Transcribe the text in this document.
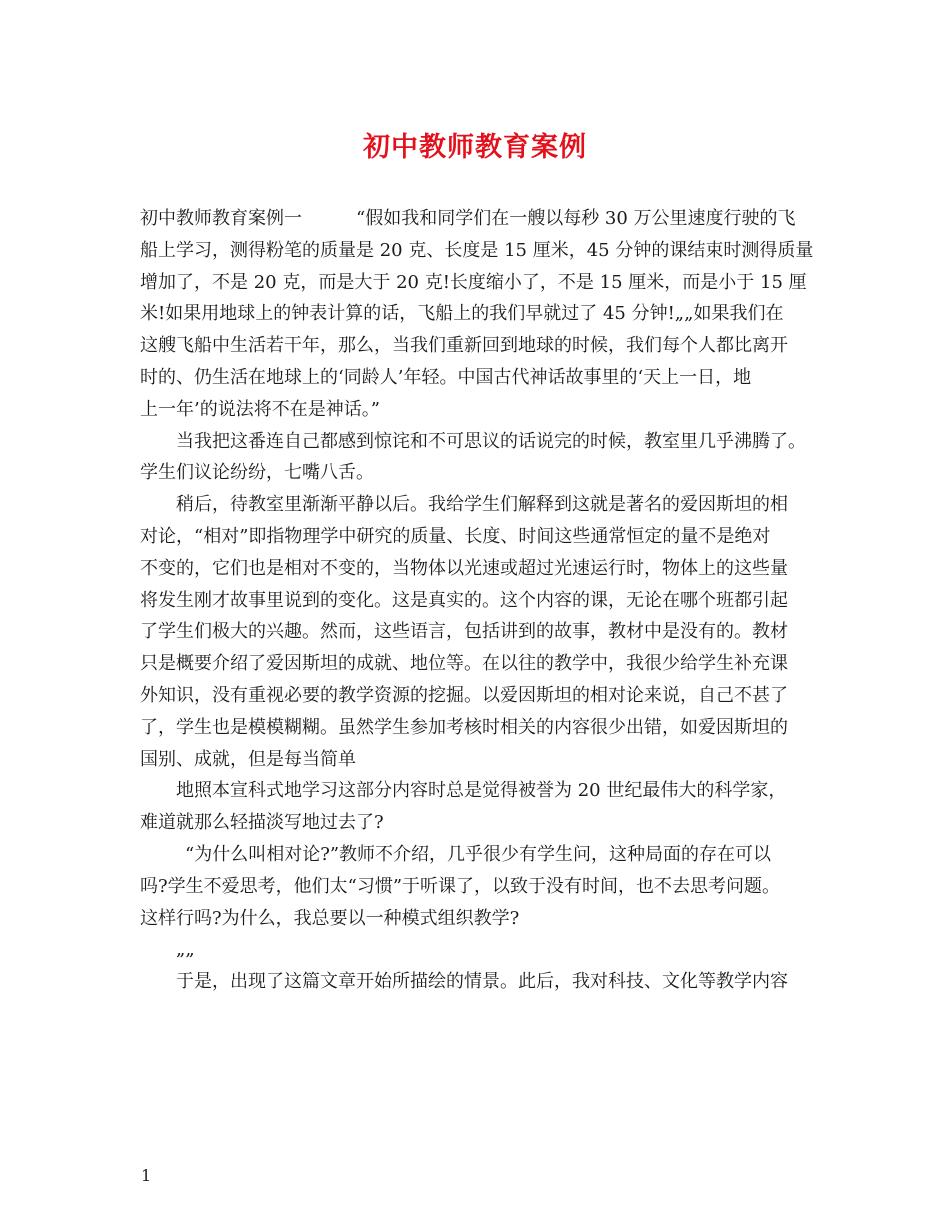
初中教师教育案例
初中教师教育案例一　　　“假如我和同学们在一艘以每秒 30 万公里速度行驶的飞
船上学习，测得粉笔的质量是 20 克、长度是 15 厘米，45 分钟的课结束时测得质量
增加了，不是 20 克，而是大于 20 克!长度缩小了，不是 15 厘米，而是小于 15 厘
米!如果用地球上的钟表计算的话，飞船上的我们早就过了 45 分钟!„„如果我们在
这艘飞船中生活若干年，那么，当我们重新回到地球的时候，我们每个人都比离开
时的、仍生活在地球上的‘同龄人’年轻。中国古代神话故事里的‘天上一日，地
上一年’的说法将不在是神话。”
当我把这番连自己都感到惊诧和不可思议的话说完的时候，教室里几乎沸腾了。
学生们议论纷纷，七嘴八舌。
稍后，待教室里渐渐平静以后。我给学生们解释到这就是著名的爱因斯坦的相
对论，“相对”即指物理学中研究的质量、长度、时间这些通常恒定的量不是绝对
不变的，它们也是相对不变的，当物体以光速或超过光速运行时，物体上的这些量
将发生刚才故事里说到的变化。这是真实的。这个内容的课，无论在哪个班都引起
了学生们极大的兴趣。然而，这些语言，包括讲到的故事，教材中是没有的。教材
只是概要介绍了爱因斯坦的成就、地位等。在以往的教学中，我很少给学生补充课
外知识，没有重视必要的教学资源的挖掘。以爱因斯坦的相对论来说，自己不甚了
了，学生也是模模糊糊。虽然学生参加考核时相关的内容很少出错，如爱因斯坦的
国别、成就，但是每当简单
地照本宣科式地学习这部分内容时总是觉得被誉为 20 世纪最伟大的科学家，
难道就那么轻描淡写地过去了?
“为什么叫相对论?”教师不介绍，几乎很少有学生问，这种局面的存在可以
吗?学生不爱思考，他们太“习惯”于听课了，以致于没有时间，也不去思考问题。
这样行吗?为什么，我总要以一种模式组织教学?
„„
于是，出现了这篇文章开始所描绘的情景。此后，我对科技、文化等教学内容
1
